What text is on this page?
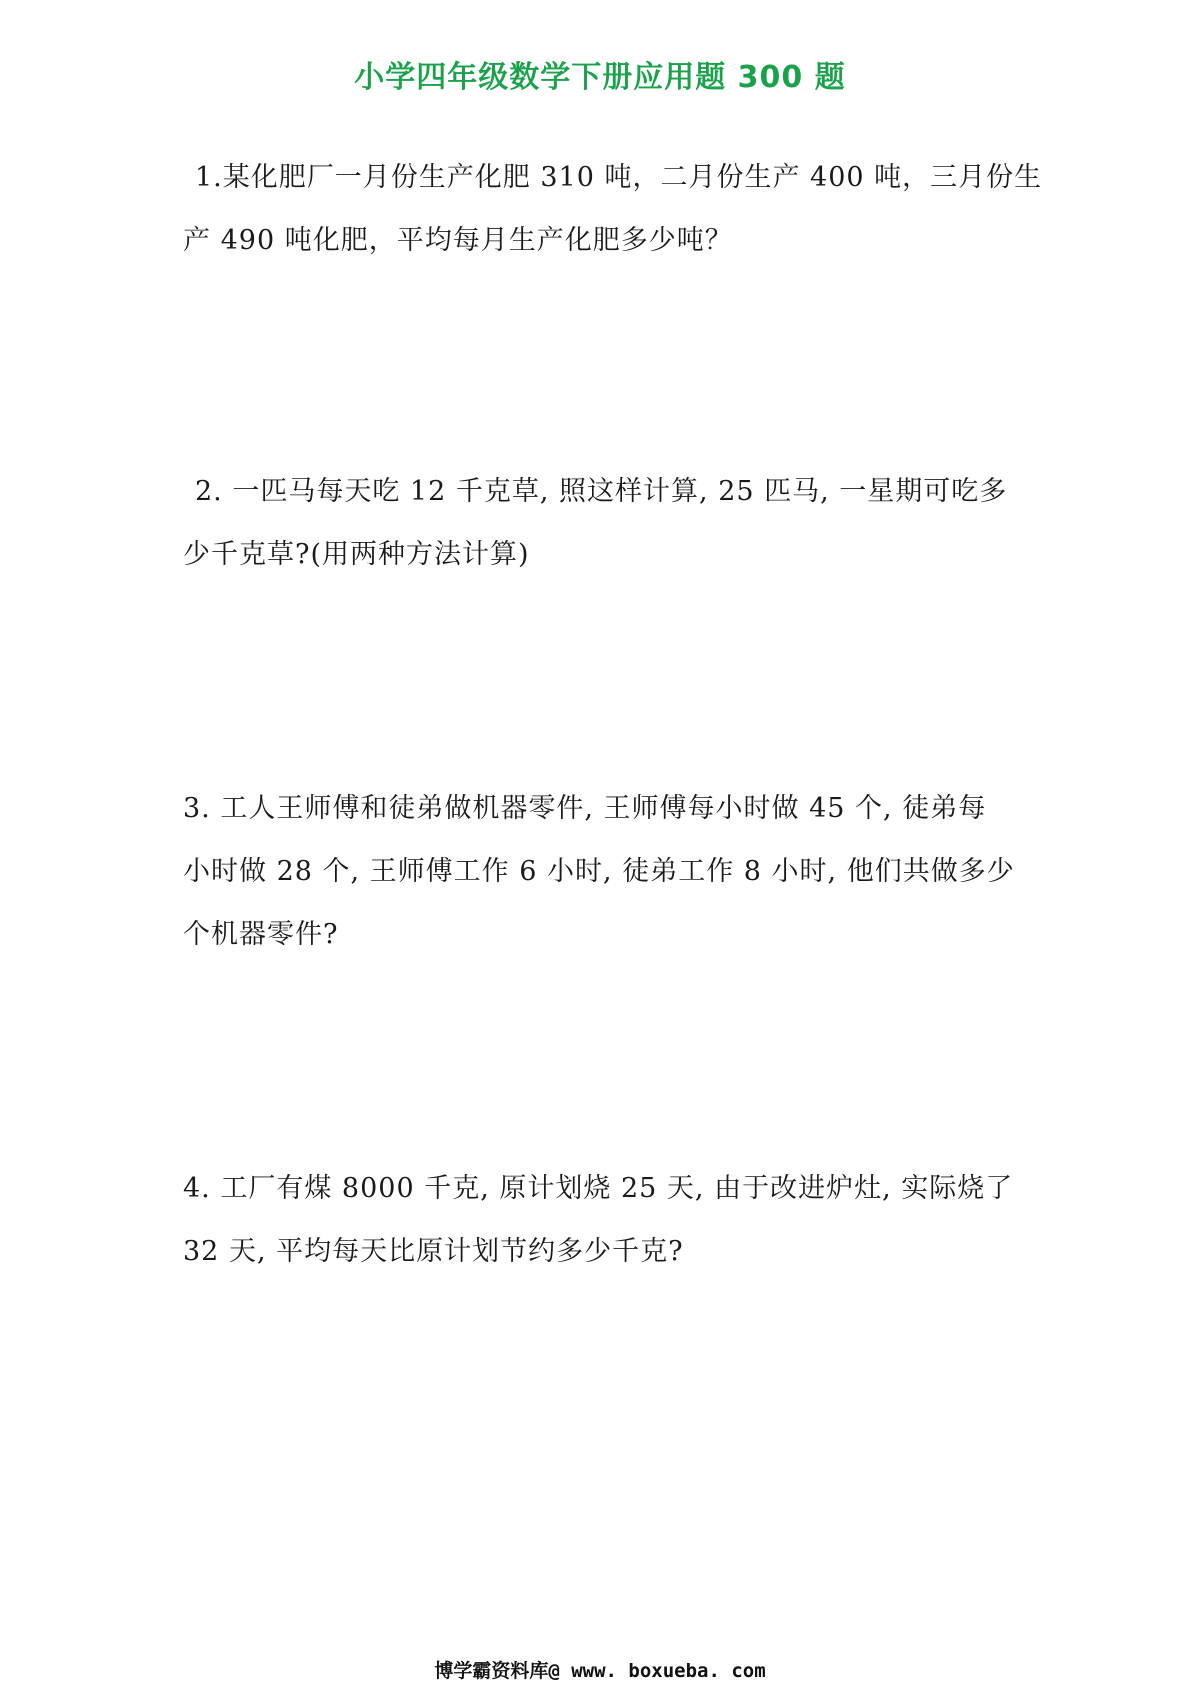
小学四年级数学下册应用题 300 题
1.某化肥厂一月份生产化肥 310 吨，二月份生产 400 吨，三月份生
产 490 吨化肥，平均每月生产化肥多少吨？
2. 一匹马每天吃 12 千克草, 照这样计算, 25 匹马, 一星期可吃多
少千克草?(用两种方法计算)
3. 工人王师傅和徒弟做机器零件, 王师傅每小时做 45 个, 徒弟每
小时做 28 个, 王师傅工作 6 小时, 徒弟工作 8 小时, 他们共做多少
个机器零件?
4. 工厂有煤 8000 千克, 原计划烧 25 天, 由于改进炉灶, 实际烧了
32 天, 平均每天比原计划节约多少千克?
博学霸资料库@ www. boxueba. com
